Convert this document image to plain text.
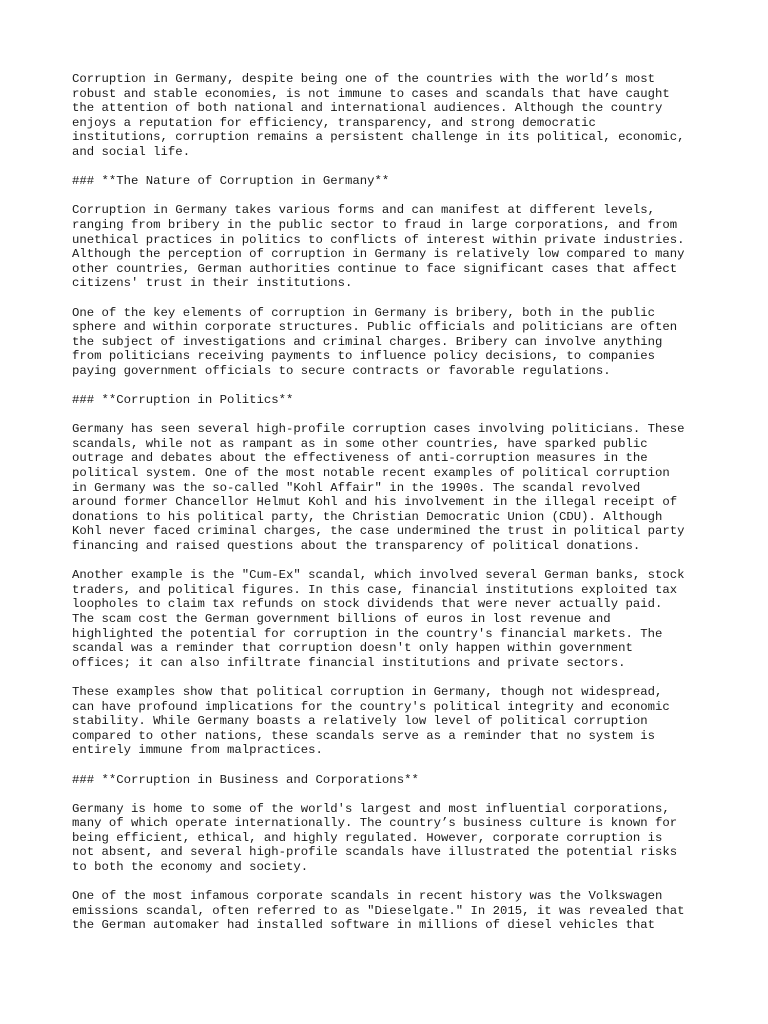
Corruption in Germany, despite being one of the countries with the world’s most
robust and stable economies, is not immune to cases and scandals that have caught
the attention of both national and international audiences. Although the country
enjoys a reputation for efficiency, transparency, and strong democratic
institutions, corruption remains a persistent challenge in its political, economic,
and social life.

### **The Nature of Corruption in Germany**

Corruption in Germany takes various forms and can manifest at different levels,
ranging from bribery in the public sector to fraud in large corporations, and from
unethical practices in politics to conflicts of interest within private industries.
Although the perception of corruption in Germany is relatively low compared to many
other countries, German authorities continue to face significant cases that affect
citizens' trust in their institutions.

One of the key elements of corruption in Germany is bribery, both in the public
sphere and within corporate structures. Public officials and politicians are often
the subject of investigations and criminal charges. Bribery can involve anything
from politicians receiving payments to influence policy decisions, to companies
paying government officials to secure contracts or favorable regulations.

### **Corruption in Politics**

Germany has seen several high-profile corruption cases involving politicians. These
scandals, while not as rampant as in some other countries, have sparked public
outrage and debates about the effectiveness of anti-corruption measures in the
political system. One of the most notable recent examples of political corruption
in Germany was the so-called "Kohl Affair" in the 1990s. The scandal revolved
around former Chancellor Helmut Kohl and his involvement in the illegal receipt of
donations to his political party, the Christian Democratic Union (CDU). Although
Kohl never faced criminal charges, the case undermined the trust in political party
financing and raised questions about the transparency of political donations.

Another example is the "Cum-Ex" scandal, which involved several German banks, stock
traders, and political figures. In this case, financial institutions exploited tax
loopholes to claim tax refunds on stock dividends that were never actually paid.
The scam cost the German government billions of euros in lost revenue and
highlighted the potential for corruption in the country's financial markets. The
scandal was a reminder that corruption doesn't only happen within government
offices; it can also infiltrate financial institutions and private sectors.

These examples show that political corruption in Germany, though not widespread,
can have profound implications for the country's political integrity and economic
stability. While Germany boasts a relatively low level of political corruption
compared to other nations, these scandals serve as a reminder that no system is
entirely immune from malpractices.

### **Corruption in Business and Corporations**

Germany is home to some of the world's largest and most influential corporations,
many of which operate internationally. The country’s business culture is known for
being efficient, ethical, and highly regulated. However, corporate corruption is
not absent, and several high-profile scandals have illustrated the potential risks
to both the economy and society.

One of the most infamous corporate scandals in recent history was the Volkswagen
emissions scandal, often referred to as "Dieselgate." In 2015, it was revealed that
the German automaker had installed software in millions of diesel vehicles that
